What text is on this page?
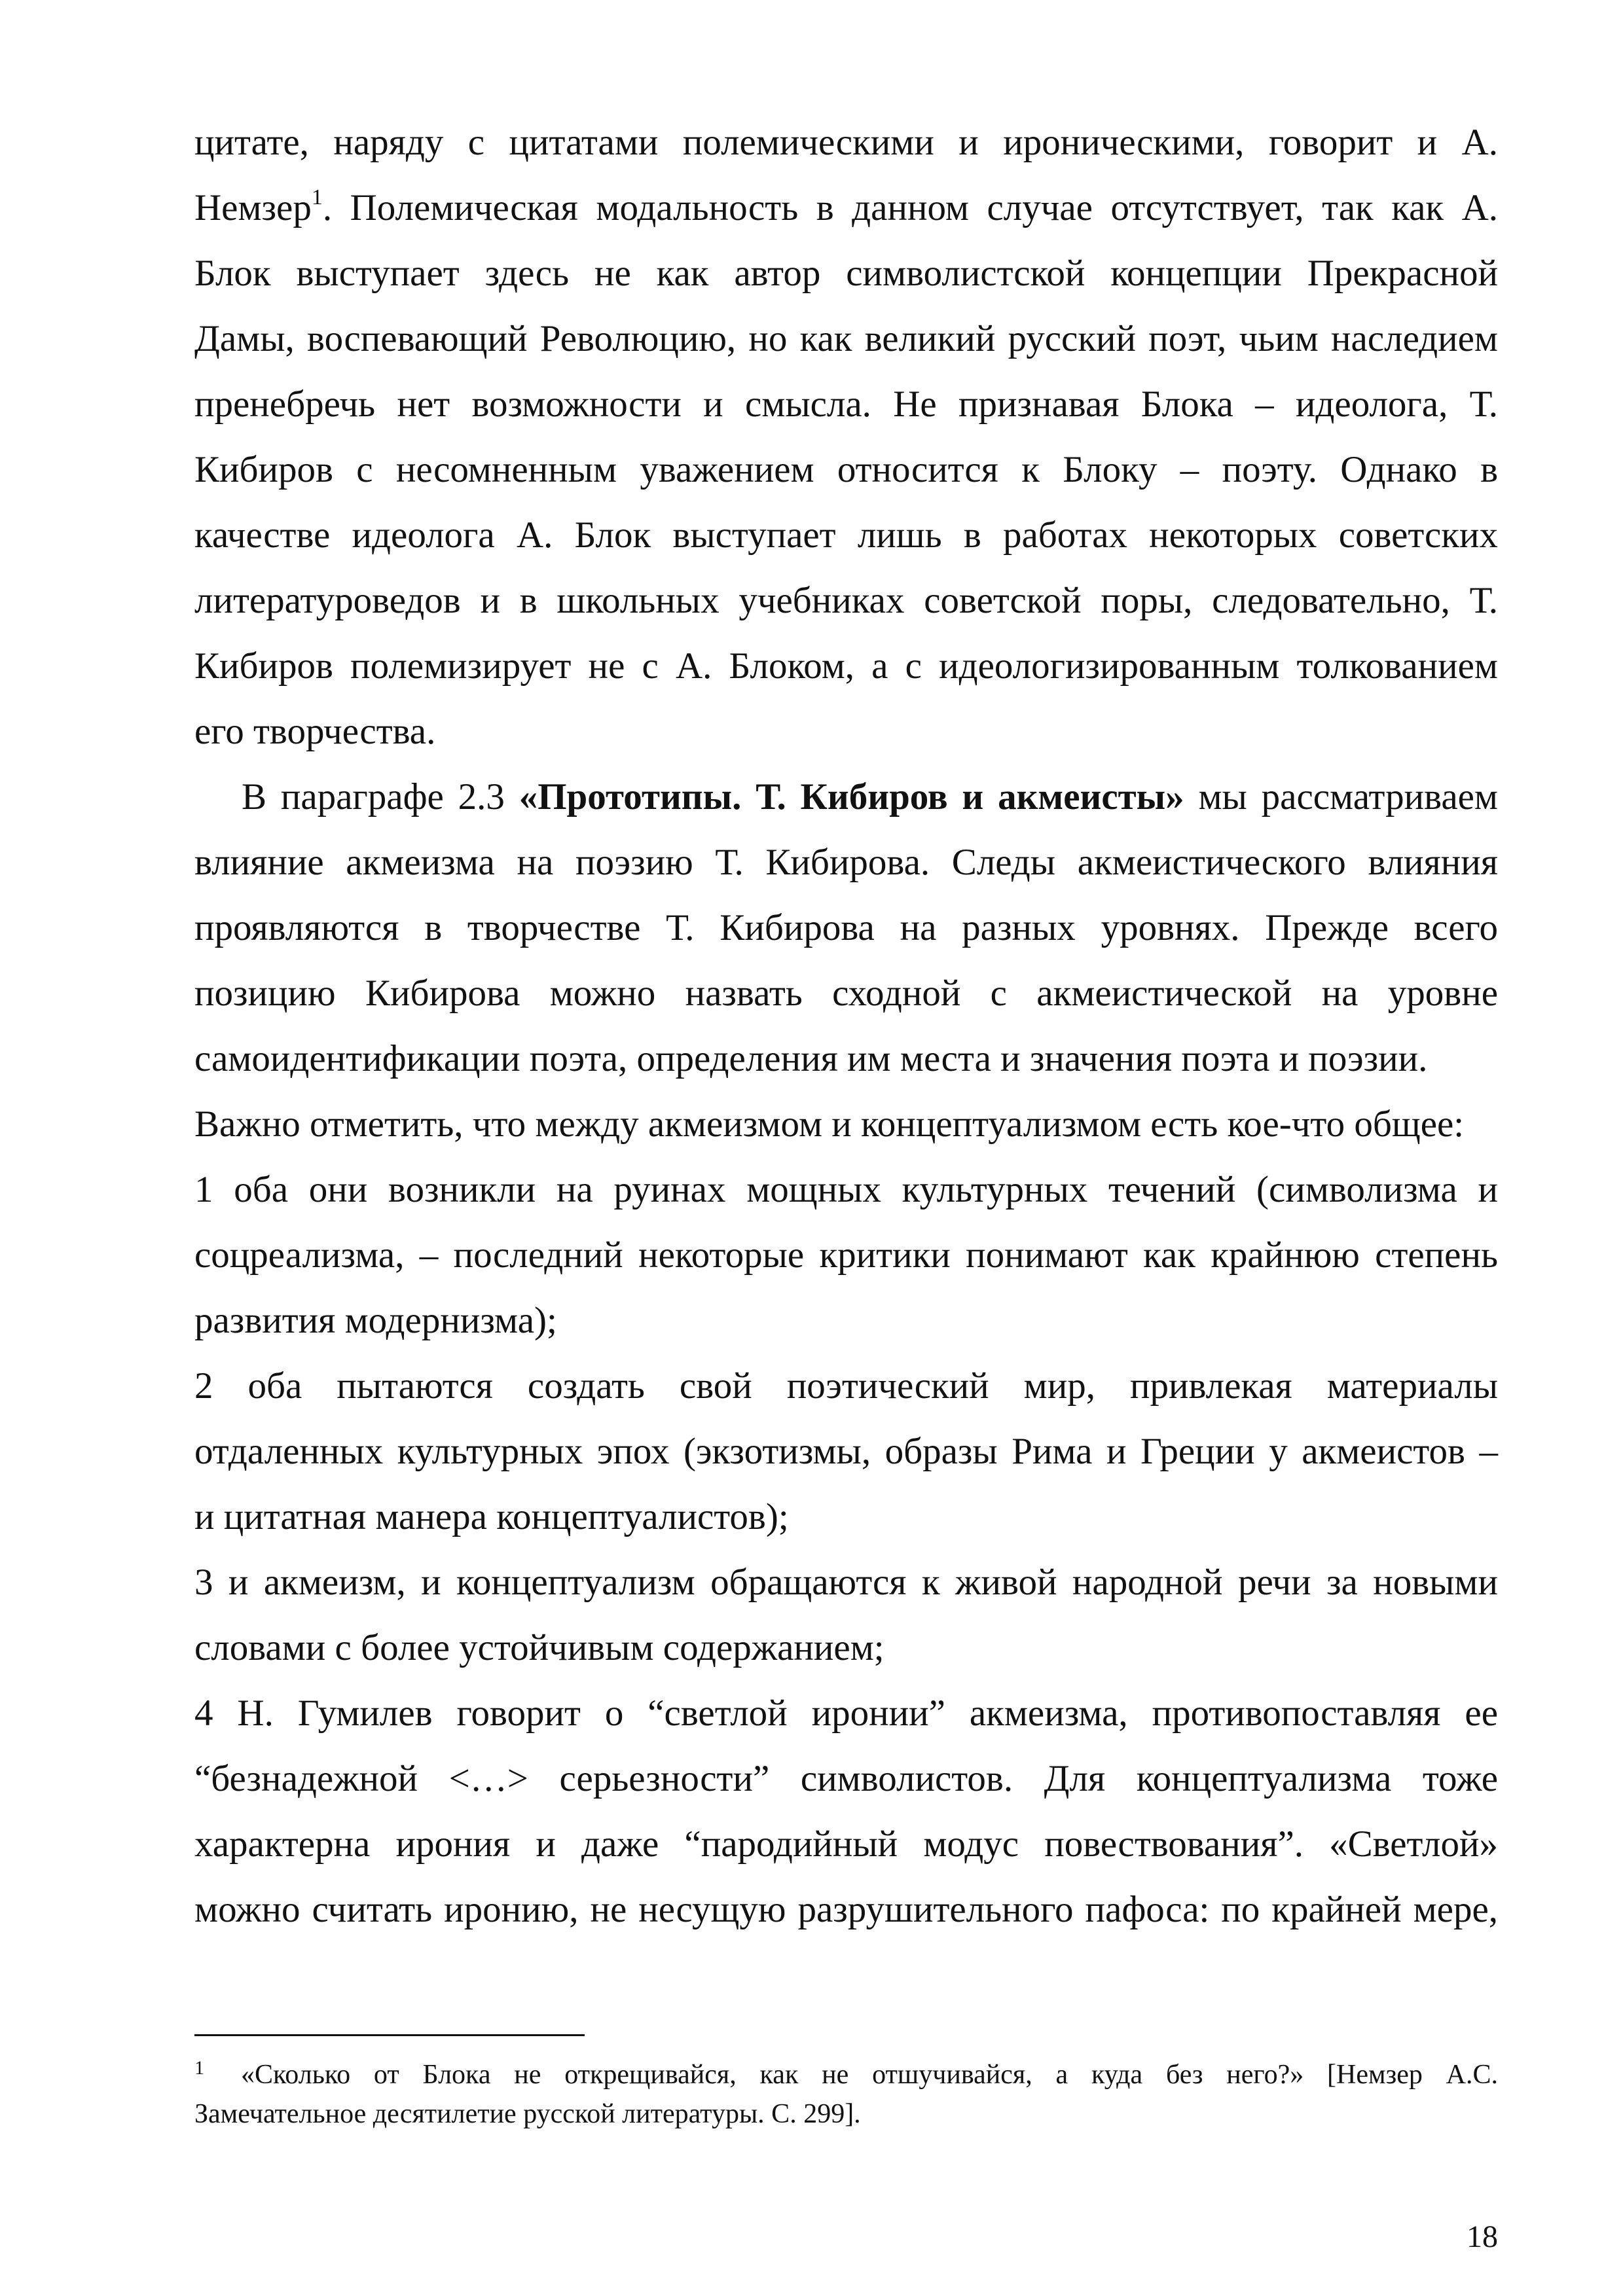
цитате, наряду с цитатами полемическими и ироническими, говорит и А.
Немзер$^1$. Полемическая модальность в данном случае отсутствует, так как А.
Блок выступает здесь не как автор символистской концепции Прекрасной
Дамы, воспевающий Революцию, но как великий русский поэт, чьим наследием
пренебречь нет возможности и смысла. Не признавая Блока – идеолога, Т.
Кибиров с несомненным уважением относится к Блоку – поэту. Однако в
качестве идеолога А. Блок выступает лишь в работах некоторых советских
литературоведов и в школьных учебниках советской поры, следовательно, Т.
Кибиров полемизирует не с А. Блоком, а с идеологизированным толкованием
его творчества.
В параграфе 2.3 «Прототипы. Т. Кибиров и акмеисты» мы рассматриваем
влияние акмеизма на поэзию Т. Кибирова. Следы акмеистического влияния
проявляются в творчестве Т. Кибирова на разных уровнях. Прежде всего
позицию Кибирова можно назвать сходной с акмеистической на уровне
самоидентификации поэта, определения им места и значения поэта и поэзии.
Важно отметить, что между акмеизмом и концептуализмом есть кое-что общее:
1 оба они возникли на руинах мощных культурных течений (символизма и
соцреализма, – последний некоторые критики понимают как крайнюю степень
развития модернизма);
2 оба пытаются создать свой поэтический мир, привлекая материалы
отдаленных культурных эпох (экзотизмы, образы Рима и Греции у акмеистов –
и цитатная манера концептуалистов);
3 и акмеизм, и концептуализм обращаются к живой народной речи за новыми
словами с более устойчивым содержанием;
4 Н. Гумилев говорит о “светлой иронии” акмеизма, противопоставляя ее
“безнадежной <…> серьезности” символистов. Для концептуализма тоже
характерна ирония и даже “пародийный модус повествования”. «Светлой»
можно считать иронию, не несущую разрушительного пафоса: по крайней мере,
$^1$ «Сколько от Блока не открещивайся, как не отшучивайся, а куда без него?» [Немзер А.С.
Замечательное десятилетие русской литературы. С. 299].
18
